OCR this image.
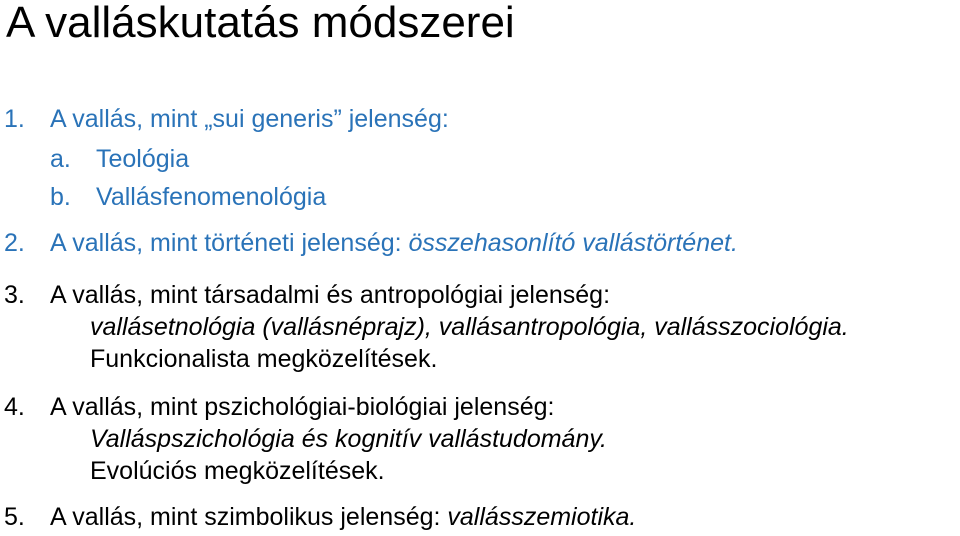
A valláskutatás módszerei
1. A vallás, mint „sui generis” jelenség:
a. Teológia
b. Vallásfenomenológia
2. A vallás, mint történeti jelenség: összehasonlító vallástörténet.
3. A vallás, mint társadalmi és antropológiai jelenség:
vallásetnológia (vallásnéprajz), vallásantropológia, vallásszociológia.
Funkcionalista megközelítések.
4. A vallás, mint pszichológiai-biológiai jelenség:
Valláspszichológia és kognitív vallástudomány.
Evolúciós megközelítések.
5. A vallás, mint szimbolikus jelenség: vallásszemiotika.
